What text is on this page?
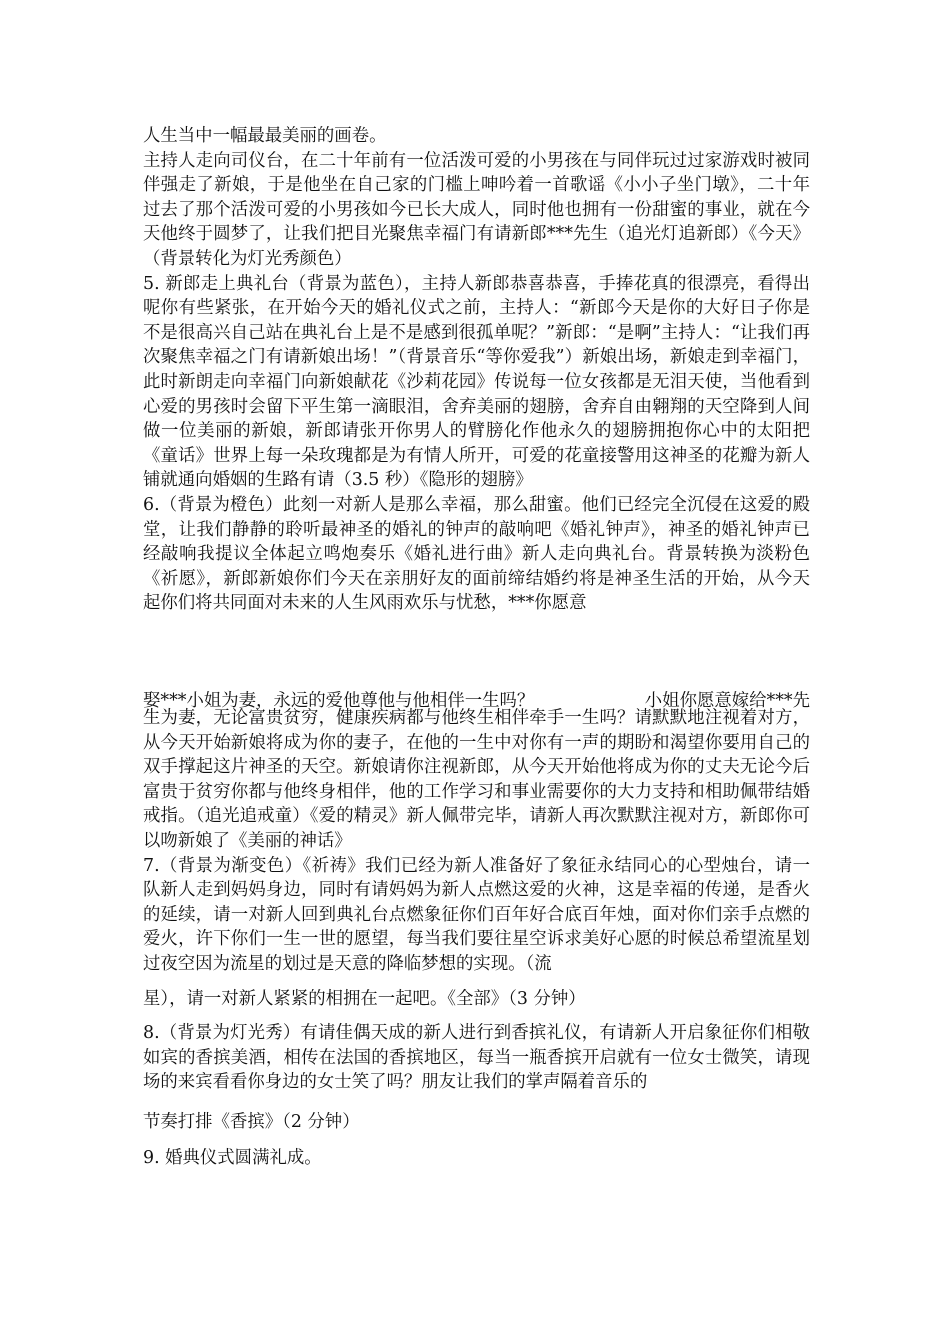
人生当中一幅最最美丽的画卷。

主持人走向司仪台，在二十年前有一位活泼可爱的小男孩在与同伴玩过过家游戏时被同伴强走了新娘，于是他坐在自己家的门槛上呻吟着一首歌谣《小小子坐门墩》，二十年过去了那个活泼可爱的小男孩如今已长大成人，同时他也拥有一份甜蜜的事业，就在今天他终于圆梦了，让我们把目光聚焦幸福门有请新郎***先生（追光灯追新郎）《今天》（背景转化为灯光秀颜色）

5. 新郎走上典礼台（背景为蓝色），主持人新郎恭喜恭喜，手捧花真的很漂亮，看得出呢你有些紧张，在开始今天的婚礼仪式之前，主持人：“新郎今天是你的大好日子你是不是很高兴自己站在典礼台上是不是感到很孤单呢？”新郎：“是啊”主持人：“让我们再次聚焦幸福之门有请新娘出场！”（背景音乐“等你爱我”）新娘出场，新娘走到幸福门，此时新朗走向幸福门向新娘献花《沙莉花园》传说每一位女孩都是无泪天使，当他看到心爱的男孩时会留下平生第一滴眼泪，舍弃美丽的翅膀，舍弃自由翱翔的天空降到人间做一位美丽的新娘，新郎请张开你男人的臂膀化作他永久的翅膀拥抱你心中的太阳把《童话》世界上每一朵玫瑰都是为有情人所开，可爱的花童接警用这神圣的花瓣为新人铺就通向婚姻的生路有请（3.5 秒）《隐形的翅膀》

6.（背景为橙色）此刻一对新人是那么幸福，那么甜蜜。他们已经完全沉侵在这爱的殿堂，让我们静静的聆听最神圣的婚礼的钟声的敲响吧《婚礼钟声》，神圣的婚礼钟声已经敲响我提议全体起立鸣炮奏乐《婚礼进行曲》新人走向典礼台。背景转换为淡粉色《祈愿》，新郎新娘你们今天在亲朋好友的面前缔结婚约将是神圣生活的开始，从今天起你们将共同面对未来的人生风雨欢乐与忧愁，***你愿意

娶***小姐为妻，永远的爱他尊他与他相伴一生吗？	小姐你愿意嫁给***先

生为妻，无论富贵贫穷，健康疾病都与他终生相伴牵手一生吗？请默默地注视着对方，从今天开始新娘将成为你的妻子，在他的一生中对你有一声的期盼和渴望你要用自己的双手撑起这片神圣的天空。新娘请你注视新郎，从今天开始他将成为你的丈夫无论今后富贵于贫穷你都与他终身相伴，他的工作学习和事业需要你的大力支持和相助佩带结婚戒指。（追光追戒童）《爱的精灵》新人佩带完毕，请新人再次默默注视对方，新郎你可以吻新娘了《美丽的神话》

7.（背景为渐变色）《祈祷》我们已经为新人准备好了象征永结同心的心型烛台，请一队新人走到妈妈身边，同时有请妈妈为新人点燃这爱的火神，这是幸福的传递，是香火的延续，请一对新人回到典礼台点燃象征你们百年好合底百年烛，面对你们亲手点燃的爱火，许下你们一生一世的愿望，每当我们要往星空诉求美好心愿的时候总希望流星划过夜空因为流星的划过是天意的降临梦想的实现。（流

星），请一对新人紧紧的相拥在一起吧。《全部》（3 分钟）

8.（背景为灯光秀）有请佳偶天成的新人进行到香摈礼仪，有请新人开启象征你们相敬如宾的香摈美酒，相传在法国的香摈地区，每当一瓶香摈开启就有一位女士微笑，请现场的来宾看看你身边的女士笑了吗？朋友让我们的掌声隔着音乐的

节奏打排《香摈》（2 分钟）
9. 婚典仪式圆满礼成。
